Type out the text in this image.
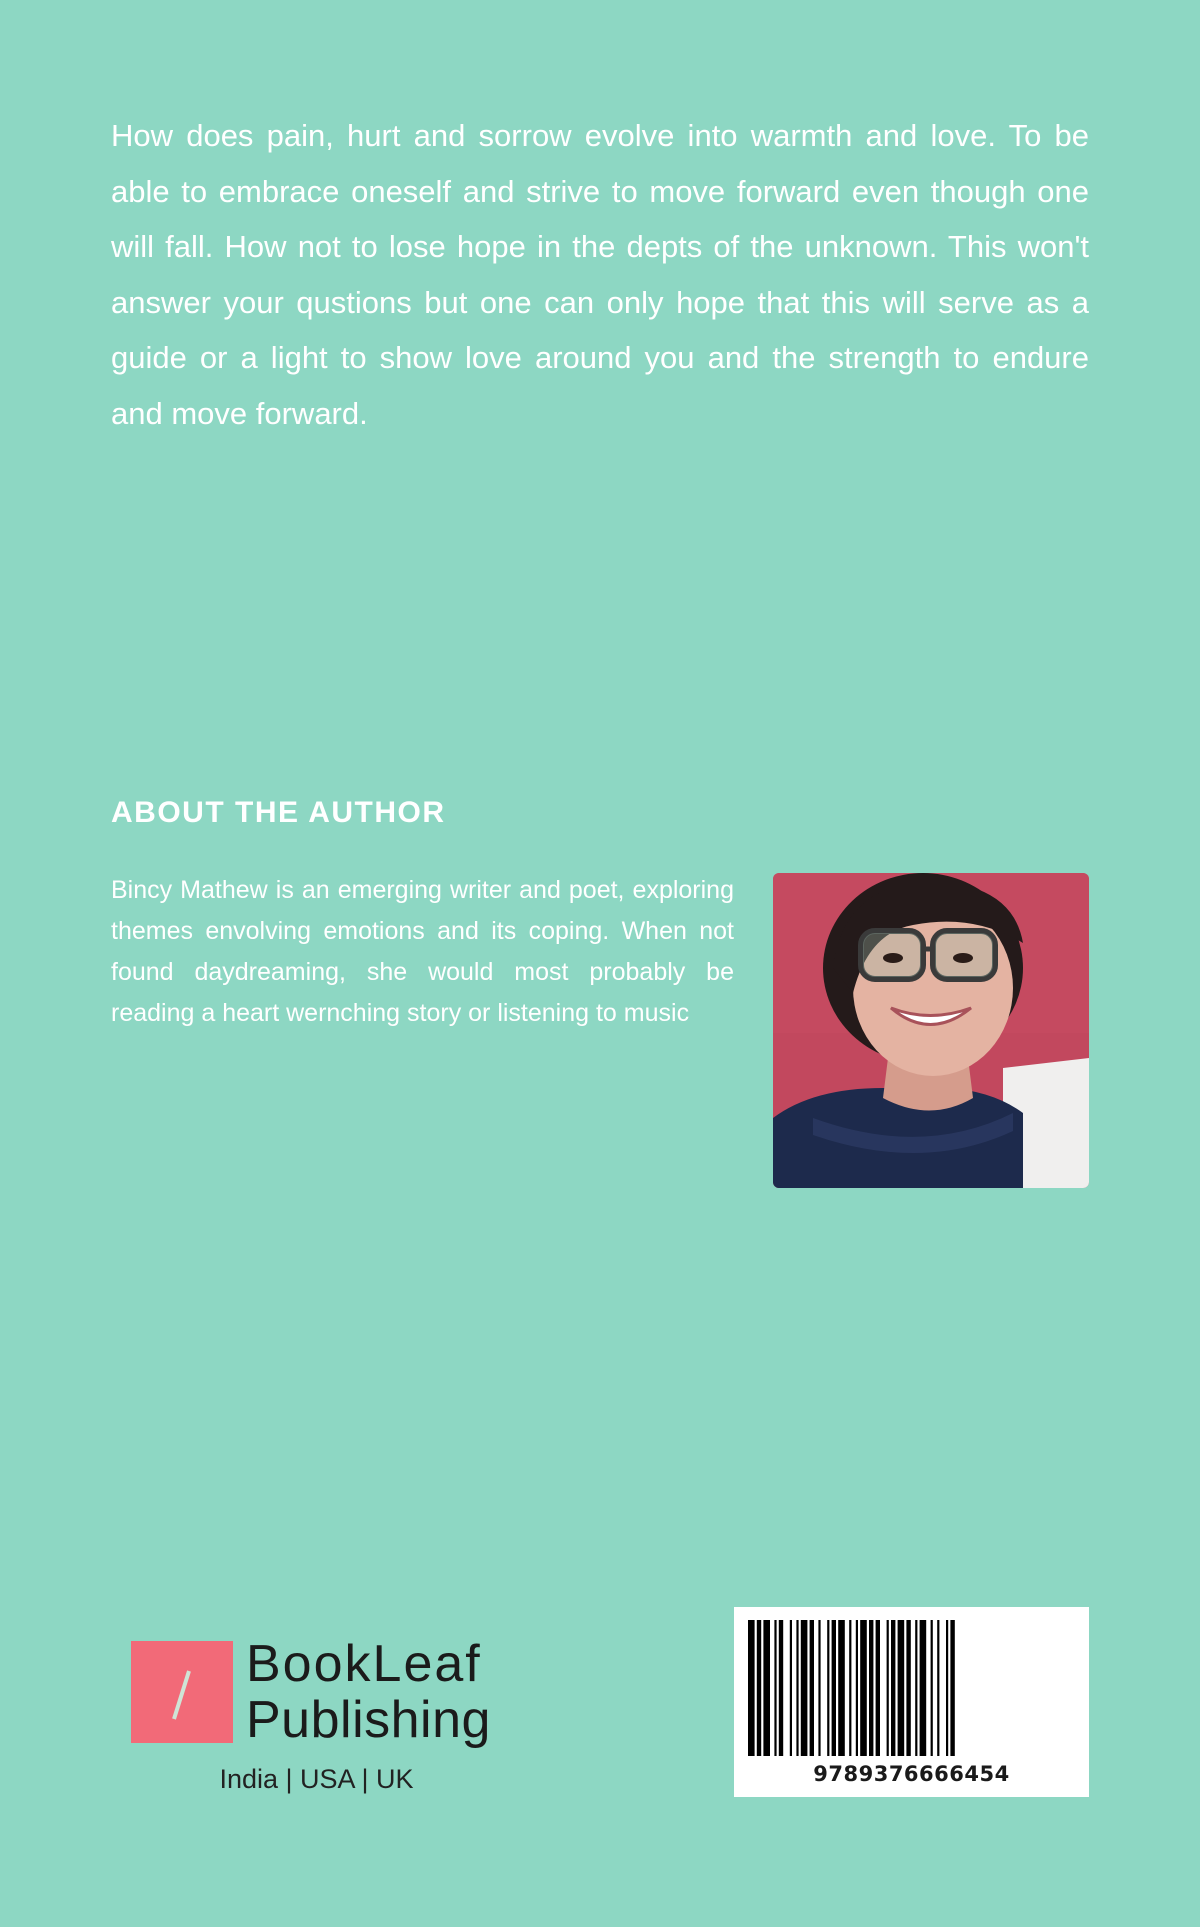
How does pain, hurt and sorrow evolve into warmth and love. To be able to embrace oneself and strive to move forward even though one will fall. How not to lose hope in the depts of the unknown. This won't answer your qustions but one can only hope that this will serve as a guide or a light to show love around you and the strength to endure and move forward.

ABOUT THE AUTHOR

Bincy Mathew is an emerging writer and poet, exploring themes envolving emotions and its coping. When not found daydreaming, she would most probably be reading a heart wernching story or listening to music

BookLeaf
Publishing
India | USA | UK	9789376666454
